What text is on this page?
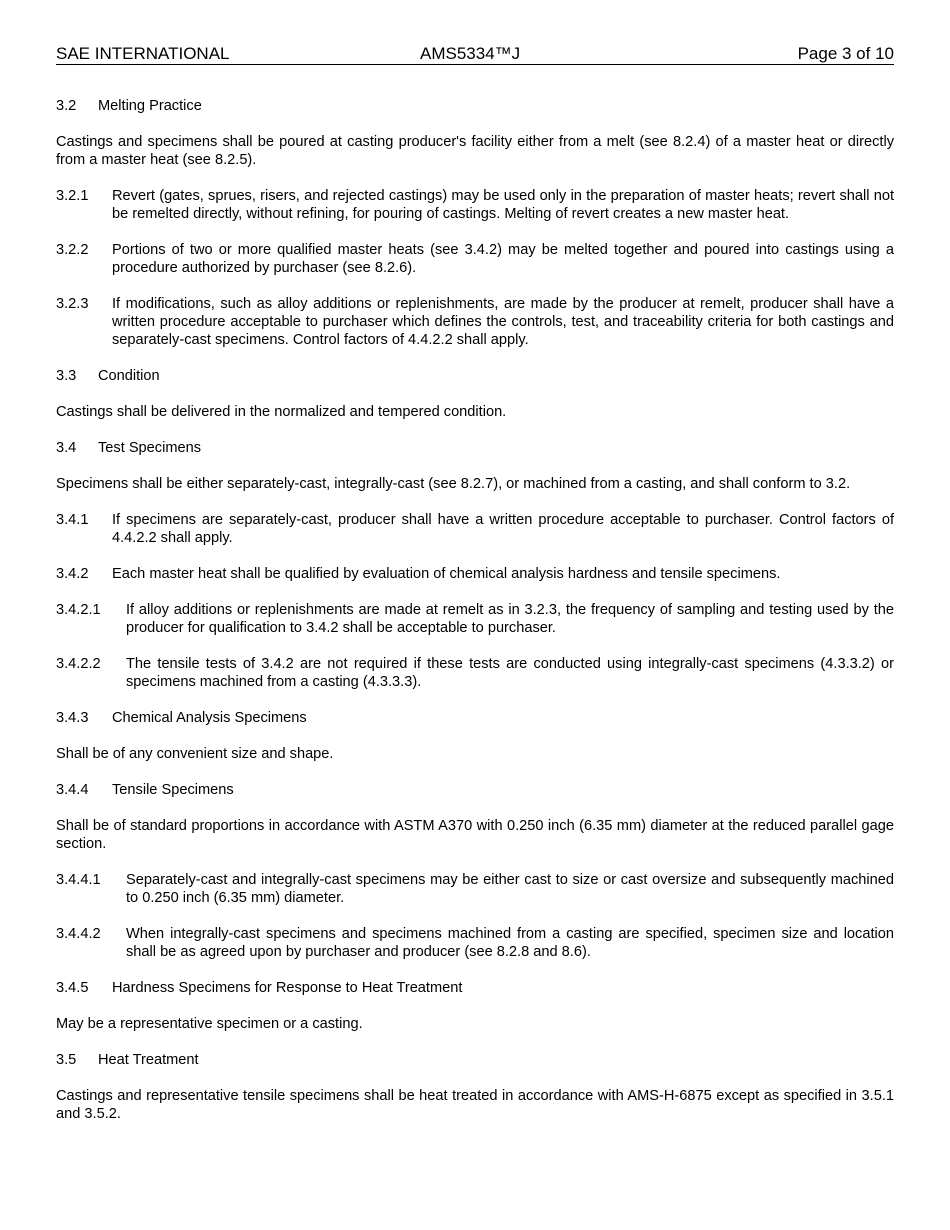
SAE INTERNATIONAL	AMS5334™J	Page 3 of 10
3.2 Melting Practice

Castings and specimens shall be poured at casting producer's facility either from a melt (see 8.2.4) of a master heat or directly from a master heat (see 8.2.5).

3.2.1 Revert (gates, sprues, risers, and rejected castings) may be used only in the preparation of master heats; revert shall not be remelted directly, without refining, for pouring of castings. Melting of revert creates a new master heat.
3.2.2 Portions of two or more qualified master heats (see 3.4.2) may be melted together and poured into castings using a procedure authorized by purchaser (see 8.2.6).
3.2.3 If modifications, such as alloy additions or replenishments, are made by the producer at remelt, producer shall have a written procedure acceptable to purchaser which defines the controls, test, and traceability criteria for both castings and separately-cast specimens. Control factors of 4.4.2.2 shall apply.
3.3 Condition

Castings shall be delivered in the normalized and tempered condition.

3.4 Test Specimens

Specimens shall be either separately-cast, integrally-cast (see 8.2.7), or machined from a casting, and shall conform to 3.2.

3.4.1 If specimens are separately-cast, producer shall have a written procedure acceptable to purchaser. Control factors of 4.4.2.2 shall apply.
3.4.2 Each master heat shall be qualified by evaluation of chemical analysis hardness and tensile specimens.
3.4.2.1 If alloy additions or replenishments are made at remelt as in 3.2.3, the frequency of sampling and testing used by the producer for qualification to 3.4.2 shall be acceptable to purchaser.
3.4.2.2 The tensile tests of 3.4.2 are not required if these tests are conducted using integrally-cast specimens (4.3.3.2) or specimens machined from a casting (4.3.3.3).
3.4.3 Chemical Analysis Specimens

Shall be of any convenient size and shape.

3.4.4 Tensile Specimens

Shall be of standard proportions in accordance with ASTM A370 with 0.250 inch (6.35 mm) diameter at the reduced parallel gage section.

3.4.4.1 Separately-cast and integrally-cast specimens may be either cast to size or cast oversize and subsequently machined to 0.250 inch (6.35 mm) diameter.
3.4.4.2 When integrally-cast specimens and specimens machined from a casting are specified, specimen size and location shall be as agreed upon by purchaser and producer (see 8.2.8 and 8.6).
3.4.5 Hardness Specimens for Response to Heat Treatment

May be a representative specimen or a casting.

3.5 Heat Treatment

Castings and representative tensile specimens shall be heat treated in accordance with AMS-H-6875 except as specified in 3.5.1 and 3.5.2.
